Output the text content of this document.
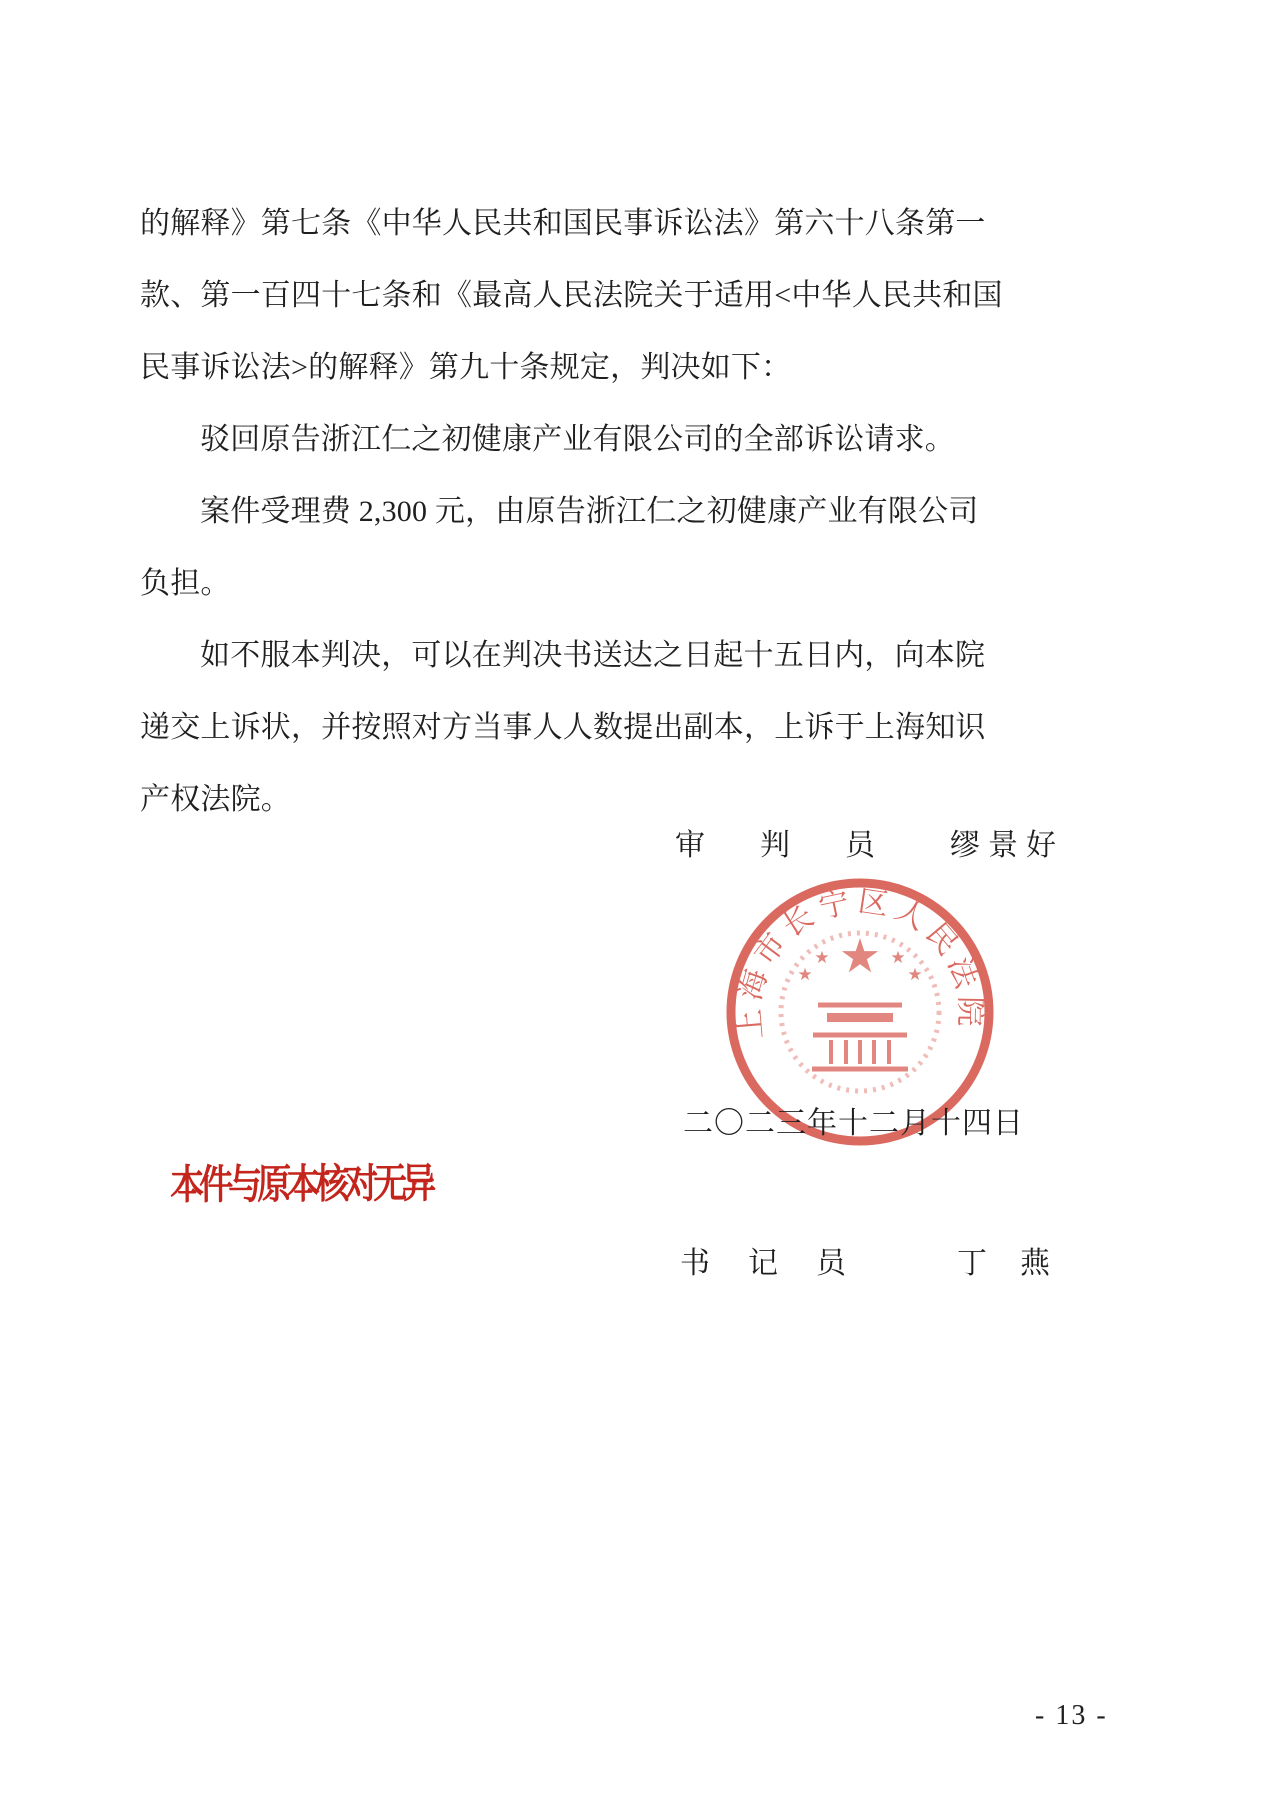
的解释》第七条《中华人民共和国民事诉讼法》第六十八条第一
款、第一百四十七条和《最高人民法院关于适用<中华人民共和国
民事诉讼法>的解释》第九十条规定，判决如下：
驳回原告浙江仁之初健康产业有限公司的全部诉讼请求。
案件受理费 2,300 元，由原告浙江仁之初健康产业有限公司
负担。
如不服本判决，可以在判决书送达之日起十五日内，向本院
递交上诉状，并按照对方当事人人数提出副本，上诉于上海知识
产权法院。
审判员 缪景好
上海市长宁区人民法院
★
★
★
★
二〇二三年十二月十四日
本件与原本核对无异
书记员 丁燕
- 13 -
